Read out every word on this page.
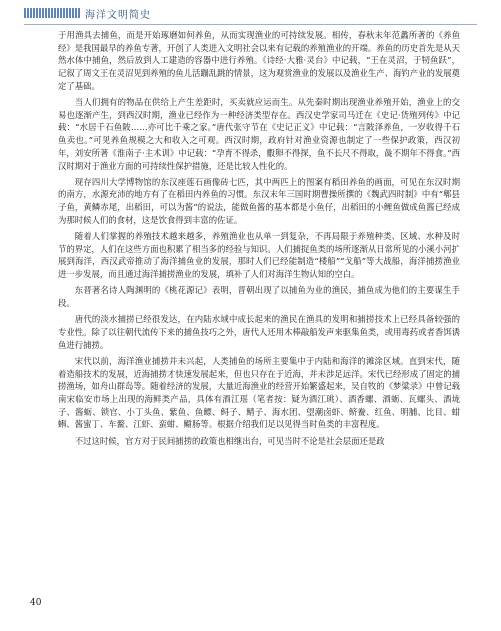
海洋文明简史

于用渔具去捕鱼，而是开始琢磨如何养鱼，从而实现渔业的可持续发展。相传，春秋末年范蠡所著的《养鱼经》是我国最早的养鱼专著，开创了人类进入文明社会以来有记载的养殖渔业的开端。养鱼的历史首先是从天然水体中捕鱼，然后放到人工建造的容器中进行养殖。《诗经·大雅·灵台》中记载，“王在灵沼，于牣鱼跃”，记叙了周文王在灵沼见到养殖的鱼儿活蹦乱跳的情景，这为观赏渔业的发展以及渔业生产、海钓产业的发展奠定了基础。

当人们拥有的物品在供给上产生差距时，买卖就应运而生。从先秦时期出现渔业养殖开始，渔业上的交易也逐渐产生，到西汉时期，渔业已经作为一种经济类型存在。西汉史学家司马迁在《史记·货殖列传》中记载：“水居千石鱼陂……亦可比千乘之家。”唐代张守节在《史记正义》中记载：“言陂泽养鱼，一岁收得千石鱼卖也。”可见养鱼规模之大和收入之可观。西汉时期，政府针对渔业资源也制定了一些保护政策，西汉初年，刘安所著《淮南子·主术训》中记载：“孕育不得杀，鷇卵不得探，鱼不长尺不得取，彘不期年不得食。”西汉时期对于渔业方面的可持续性保护措施，还是比较人性化的。

现存四川大学博物馆的东汉座莲石画像砖七匹，其中两匹上的图案有稻田养鱼的画面，可见在东汉时期的南方，水源充沛的地方有了在稻田内养鱼的习惯。东汉末年三国时期曹操所撰的《魏武四时制》中有“郫县子鱼，黄鳞赤尾，出稻田，可以为酱”的说法，能做鱼酱的基本都是小鱼仔，出稻田的小鲤鱼做成鱼酱已经成为那时候人们的食材，这是饮食得到丰富的佐证。

随着人们掌握的养殖技术越来越多，养殖渔业也从单一到复杂，不再局限于养殖种类、区域、水种及时节的界定，人们在这些方面也积累了相当多的经验与知识。人们捕捉鱼类的场所逐渐从日常所见的小溪小河扩展到海洋，西汉武帝推动了海洋捕鱼业的发展，那时人们已经能制造“楼船”“戈船”等大战船，海洋捕捞渔业进一步发展，而且通过海洋捕捞渔业的发展，填补了人们对海洋生物认知的空白。

东晋著名诗人陶渊明的《桃花源记》表明，晋朝出现了以捕鱼为业的渔民，捕鱼成为他们的主要谋生手段。

唐代的淡水捕捞已经很发达，在内陆水域中成长起来的渔民在渔具的发明和捕捞技术上已经具备较强的专业性。除了以往朝代流传下来的捕鱼技巧之外，唐代人还用木棒敲船发声来驱集鱼类，或用毒药或者香饵诱鱼进行捕捞。

宋代以前，海洋渔业捕捞并未兴起，人类捕鱼的场所主要集中于内陆和海洋的滩涂区域。直到宋代，随着造船技术的发展，近海捕捞才快速发展起来，但也只存在于近海，并未涉足远洋。宋代已经形成了固定的捕捞渔场，如舟山群岛等。随着经济的发展，大量近海渔业的经营开始繁盛起来，吴自牧的《梦粱录》中曾记载南宋临安市场上出现的海鲜类产品，具体有酒江瑶（笔者按：疑为酒江珧）、酒香螺、酒蛎、瓦螺头、酒垅子、酱蛎、锁官、小丁头鱼、紫鱼、鱼鳔、鲟子、鲭子、海水团、望潮卤虾、鲚鲞、红鱼、明脯、比目、蚶蝌、酱蜜丁、车鳌、江虾、蛮蚶、鳚肠等。根据介绍我们足以见得当时鱼类的丰富程度。

不过这时候，官方对于民间捕捞的政策也相继出台，可见当时不论是社会层面还是政

40
